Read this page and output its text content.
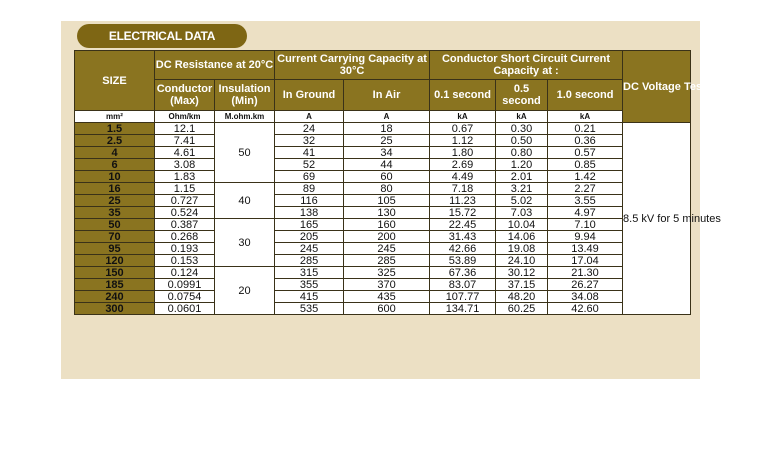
ELECTRICAL DATA
SIZE	DC Resistance at 20°C		Current Carrying Capacity at 30°C		Conductor Short Circuit Current Capacity at :			DC Voltage Test
	Conductor (Max)	Insulation (Min)	In Ground	In Air	0.1 second	0.5 second	1.0 second	
mm²	Ohm/km	M.ohm.km	A	A	kA	kA	kA	
1.5	12.1	50	24	18	0.67	0.30	0.21	8.5 kV for 5 minutes
2.5	7.41		32	25	1.12	0.50	0.36	
4	4.61		41	34	1.80	0.80	0.57	
6	3.08		52	44	2.69	1.20	0.85	
10	1.83		69	60	4.49	2.01	1.42	
16	1.15	40	89	80	7.18	3.21	2.27	
25	0.727		116	105	11.23	5.02	3.55	
35	0.524		138	130	15.72	7.03	4.97	
50	0.387	30	165	160	22.45	10.04	7.10	
70	0.268		205	200	31.43	14.06	9.94	
95	0.193		245	245	42.66	19.08	13.49	
120	0.153		285	285	53.89	24.10	17.04	
150	0.124	20	315	325	67.36	30.12	21.30	
185	0.0991		355	370	83.07	37.15	26.27	
240	0.0754		415	435	107.77	48.20	34.08	
300	0.0601		535	600	134.71	60.25	42.60	
